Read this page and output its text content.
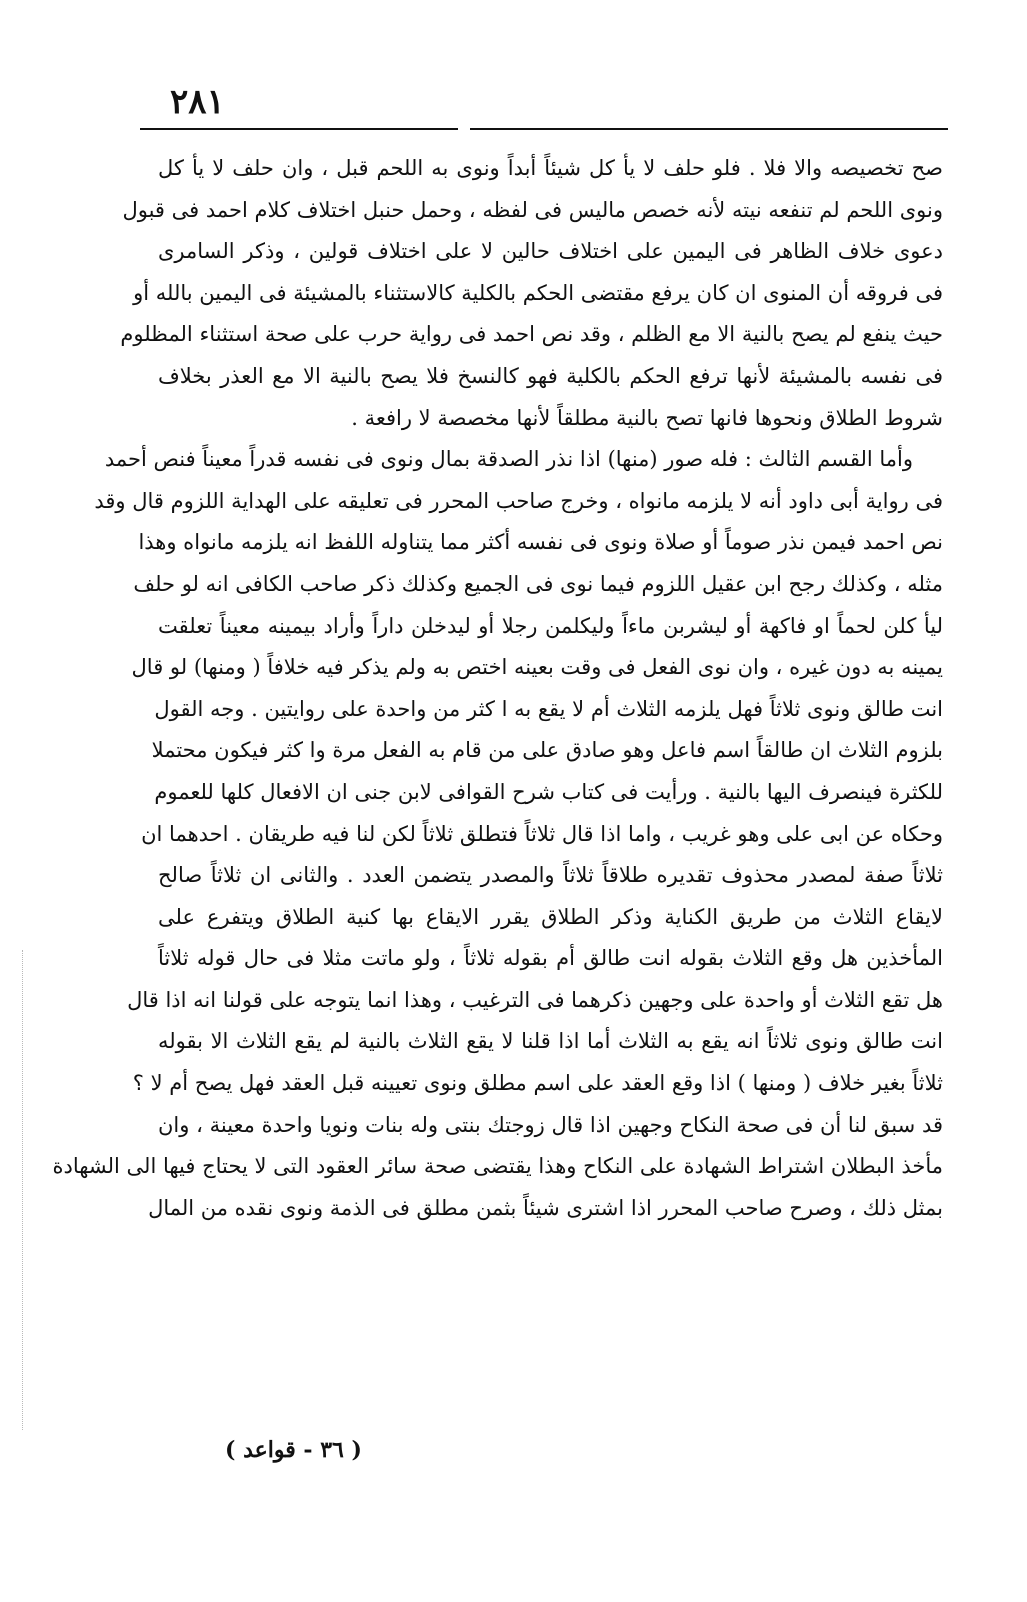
٢٨١
صح تخصيصه والا فلا . فلو حلف لا يأ كل شيئاً أبداً ونوى به اللحم قبل ، وان حلف لا يأ كل
ونوى اللحم لم تنفعه نيته لأنه خصص ماليس فى لفظه ، وحمل حنبل اختلاف كلام احمد فى قبول
دعوى خلاف الظاهر فى اليمين على اختلاف حالين لا على اختلاف قولين ، وذكر السامرى
فى فروقه أن المنوى ان كان يرفع مقتضى الحكم بالكلية كالاستثناء بالمشيئة فى اليمين بالله أو
حيث ينفع لم يصح بالنية الا مع الظلم ، وقد نص احمد فى رواية حرب على صحة استثناء المظلوم
فى نفسه بالمشيئة لأنها ترفع الحكم بالكلية فهو كالنسخ فلا يصح بالنية الا مع العذر بخلاف
شروط الطلاق ونحوها فانها تصح بالنية مطلقاً لأنها مخصصة لا رافعة .
وأما القسم الثالث : فله صور (منها) اذا نذر الصدقة بمال ونوى فى نفسه قدراً معيناً فنص أحمد
فى رواية أبى داود أنه لا يلزمه مانواه ، وخرج صاحب المحرر فى تعليقه على الهداية اللزوم قال وقد
نص احمد فيمن نذر صوماً أو صلاة ونوى فى نفسه أكثر مما يتناوله اللفظ انه يلزمه مانواه وهذا
مثله ، وكذلك رجح ابن عقيل اللزوم فيما نوى فى الجميع وكذلك ذكر صاحب الكافى انه لو حلف
ليأ كلن لحماً او فاكهة أو ليشربن ماءاً وليكلمن رجلا أو ليدخلن داراً وأراد بيمينه معيناً تعلقت
يمينه به دون غيره ، وان نوى الفعل فى وقت بعينه اختص به ولم يذكر فيه خلافاً ( ومنها) لو قال
انت طالق ونوى ثلاثاً فهل يلزمه الثلاث أم لا يقع به ا كثر من واحدة على روايتين . وجه القول
بلزوم الثلاث ان طالقاً اسم فاعل وهو صادق على من قام به الفعل مرة وا كثر فيكون محتملا
للكثرة فينصرف اليها بالنية . ورأيت فى كتاب شرح القوافى لابن جنى ان الافعال كلها للعموم
وحكاه عن ابى على وهو غريب ، واما اذا قال ثلاثاً فتطلق ثلاثاً لكن لنا فيه طريقان . احدهما ان
ثلاثاً صفة لمصدر محذوف تقديره طلاقاً ثلاثاً والمصدر يتضمن العدد . والثانى ان ثلاثاً صالح
لايقاع الثلاث من طريق الكناية وذكر الطلاق يقرر الايقاع بها كنية الطلاق ويتفرع على
المأخذين هل وقع الثلاث بقوله انت طالق أم بقوله ثلاثاً ، ولو ماتت مثلا فى حال قوله ثلاثاً
هل تقع الثلاث أو واحدة على وجهين ذكرهما فى الترغيب ، وهذا انما يتوجه على قولنا انه اذا قال
انت طالق ونوى ثلاثاً انه يقع به الثلاث أما اذا قلنا لا يقع الثلاث بالنية لم يقع الثلاث الا بقوله
ثلاثاً بغير خلاف ( ومنها ) اذا وقع العقد على اسم مطلق ونوى تعيينه قبل العقد فهل يصح أم لا ؟
قد سبق لنا أن فى صحة النكاح وجهين اذا قال زوجتك بنتى وله بنات ونويا واحدة معينة ، وان
مأخذ البطلان اشتراط الشهادة على النكاح وهذا يقتضى صحة سائر العقود التى لا يحتاج فيها الى الشهادة
بمثل ذلك ، وصرح صاحب المحرر اذا اشترى شيئاً بثمن مطلق فى الذمة ونوى نقده من المال
( ٣٦ - قواعد )
